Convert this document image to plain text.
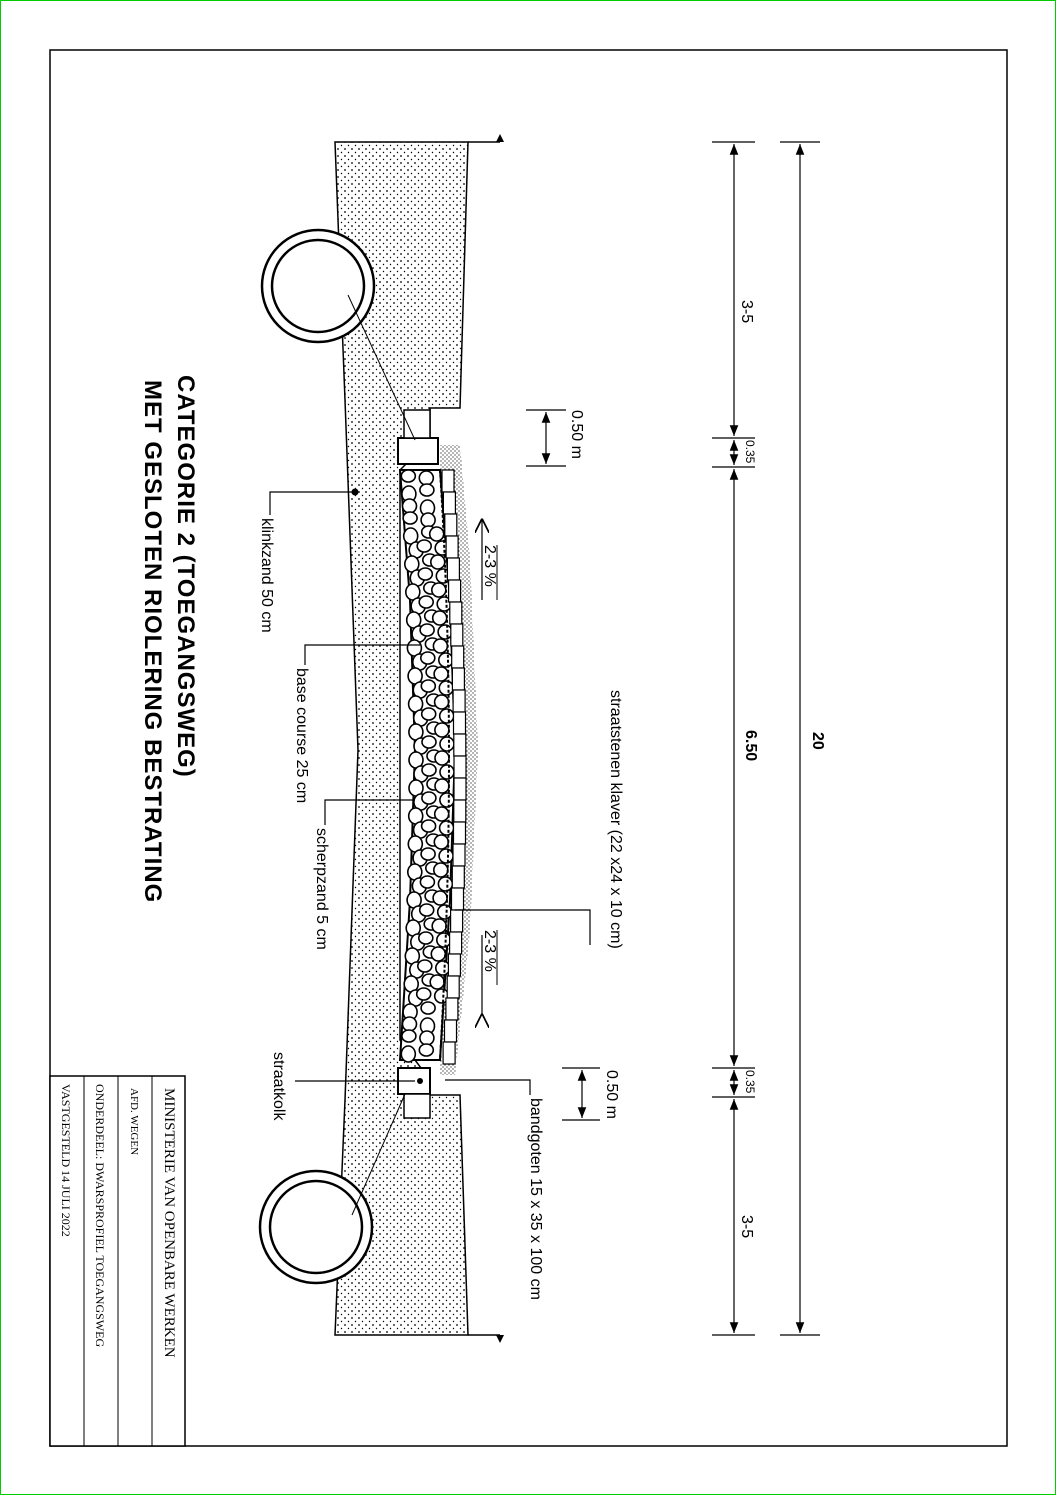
CATEGORIE 2 (TOEGANGSWEG)
MET GESLOTEN RIOLERING BESTRATING	klinkzand 50 cm
base course 25 cm
scherpzand 5 cm
straatkolk
straatstenen klaver (22 x24 x 10 cm)
bandgoten 15 x 35 x 100 cm
2-3 %
2-3 %
0.50 m
0.50 m
3-5
0.35
6.50
0.35
3-5
20
MINISTERIE VAN OPENBARE WERKEN
AFD. WEGEN
ONDERDEEL: DWARSPROFIEL TOEGANGSWEG
VASTGESTELD 14 JULI 2022
